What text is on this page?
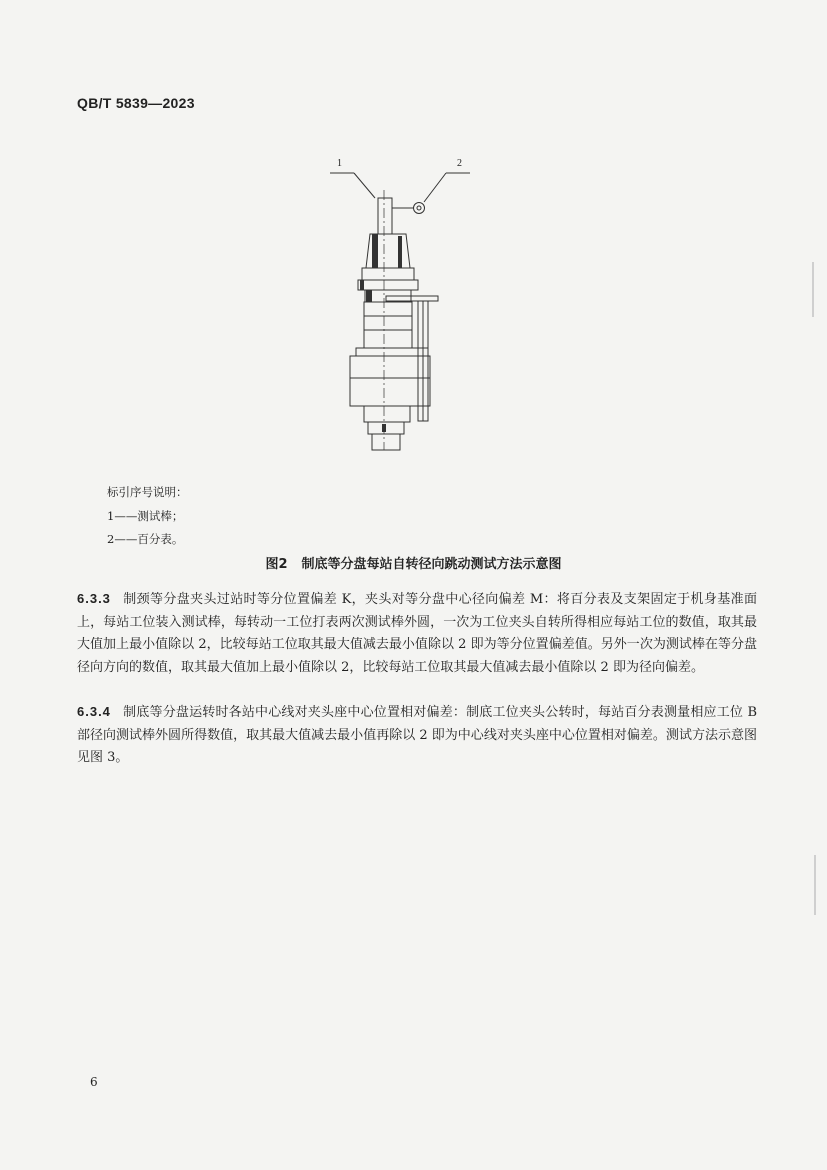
QB/T 5839—2023
1	2
标引序号说明：
1——测试棒；
2——百分表。
图2 制底等分盘每站自转径向跳动测试方法示意图
6.3.3 制颈等分盘夹头过站时等分位置偏差 K，夹头对等分盘中心径向偏差 M：将百分表及支架固定于机身基准面上，每站工位装入测试棒，每转动一工位打表两次测试棒外圆，一次为工位夹头自转所得相应每站工位的数值，取其最大值加上最小值除以 2，比较每站工位取其最大值减去最小值除以 2 即为等分位置偏差值。另外一次为测试棒在等分盘径向方向的数值，取其最大值加上最小值除以 2，比较每站工位取其最大值减去最小值除以 2 即为径向偏差。
6.3.4 制底等分盘运转时各站中心线对夹头座中心位置相对偏差：制底工位夹头公转时，每站百分表测量相应工位 B 部径向测试棒外圆所得数值，取其最大值减去最小值再除以 2 即为中心线对夹头座中心位置相对偏差。测试方法示意图见图 3。
6
